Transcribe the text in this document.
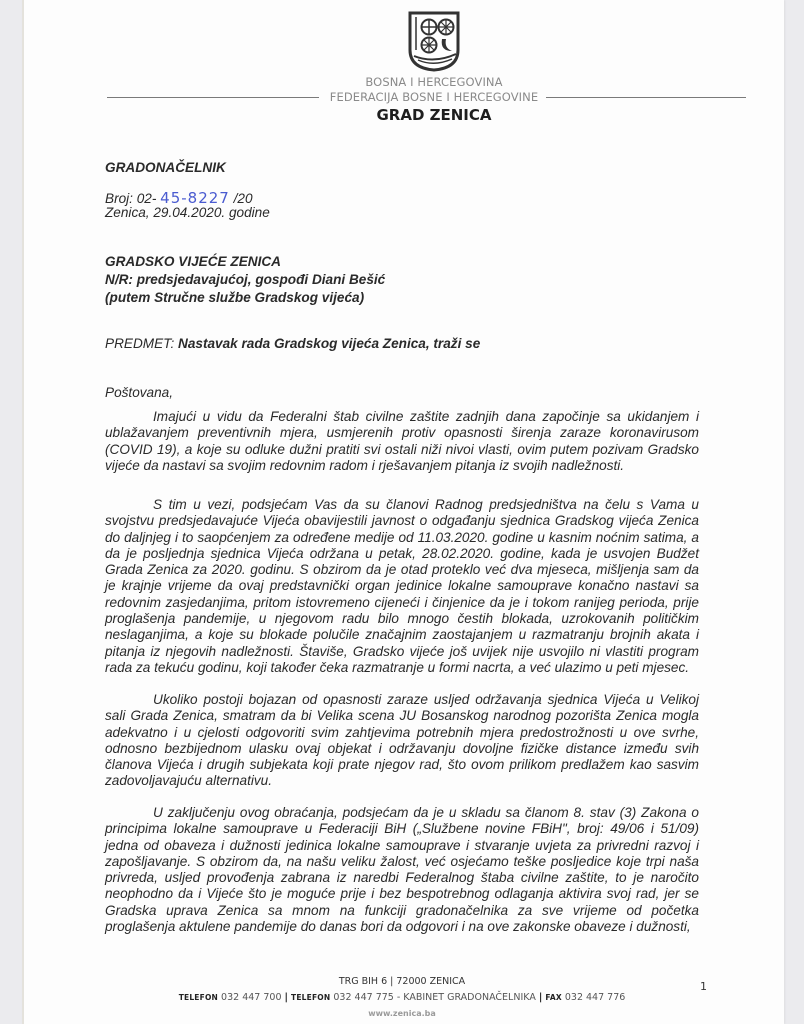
BOSNA I HERCEGOVINA
FEDERACIJA BOSNE I HERCEGOVINE
GRAD ZENICA
GRADONAČELNIK
Broj: 02- 45-8227 /20
Zenica, 29.04.2020. godine
GRADSKO VIJEĆE ZENICA
N/R: predsjedavajućoj, gospođi Diani Bešić
(putem Stručne službe Gradskog vijeća)
PREDMET: Nastavak rada Gradskog vijeća Zenica, traži se
Poštovana,
Imajući u vidu da Federalni štab civilne zaštite zadnjih dana započinje sa ukidanjem i ublažavanjem preventivnih mjera, usmjerenih protiv opasnosti širenja zaraze koronavirusom (COVID 19), a koje su odluke dužni pratiti svi ostali niži nivoi vlasti, ovim putem pozivam Gradsko vijeće da nastavi sa svojim redovnim radom i rješavanjem pitanja iz svojih nadležnosti.
S tim u vezi, podsjećam Vas da su članovi Radnog predsjedništva na čelu s Vama u svojstvu predsjedavajuće Vijeća obavijestili javnost o odgađanju sjednica Gradskog vijeća Zenica do daljnjeg i to saopćenjem za određene medije od 11.03.2020. godine u kasnim noćnim satima, a da je posljednja sjednica Vijeća održana u petak, 28.02.2020. godine, kada je usvojen Budžet Grada Zenica za 2020. godinu. S obzirom da je otad proteklo već dva mjeseca, mišljenja sam da je krajnje vrijeme da ovaj predstavnički organ jedinice lokalne samouprave konačno nastavi sa redovnim zasjedanjima, pritom istovremeno cijeneći i činjenice da je i tokom ranijeg perioda, prije proglašenja pandemije, u njegovom radu bilo mnogo čestih blokada, uzrokovanih političkim neslaganjima, a koje su blokade polučile značajnim zaostajanjem u razmatranju brojnih akata i pitanja iz njegovih nadležnosti. Štaviše, Gradsko vijeće još uvijek nije usvojilo ni vlastiti program rada za tekuću godinu, koji također čeka razmatranje u formi nacrta, a već ulazimo u peti mjesec.
Ukoliko postoji bojazan od opasnosti zaraze usljed održavanja sjednica Vijeća u Velikoj sali Grada Zenica, smatram da bi Velika scena JU Bosanskog narodnog pozorišta Zenica mogla adekvatno i u cjelosti odgovoriti svim zahtjevima potrebnih mjera predostrožnosti u ove svrhe, odnosno bezbijednom ulasku ovaj objekat i održavanju dovoljne fizičke distance između svih članova Vijeća i drugih subjekata koji prate njegov rad, što ovom prilikom predlažem kao sasvim zadovoljavajuću alternativu.
U zaključenju ovog obraćanja, podsjećam da je u skladu sa članom 8. stav (3) Zakona o principima lokalne samouprave u Federaciji BiH („Službene novine FBiH", broj: 49/06 i 51/09) jedna od obaveza i dužnosti jedinica lokalne samouprave i stvaranje uvjeta za privredni razvoj i zapošljavanje. S obzirom da, na našu veliku žalost, već osjećamo teške posljedice koje trpi naša privreda, usljed provođenja zabrana iz naredbi Federalnog štaba civilne zaštite, to je naročito neophodno da i Vijeće što je moguće prije i bez bespotrebnog odlaganja aktivira svoj rad, jer se Gradska uprava Zenica sa mnom na funkciji gradonačelnika za sve vrijeme od početka proglašenja aktulene pandemije do danas bori da odgovori i na ove zakonske obaveze i dužnosti,
TRG BIH 6 | 72000 ZENICA
TELEFON 032 447 700 | TELEFON 032 447 775 - KABINET GRADONAČELNIKA | FAX 032 447 776
www.zenica.ba
1
